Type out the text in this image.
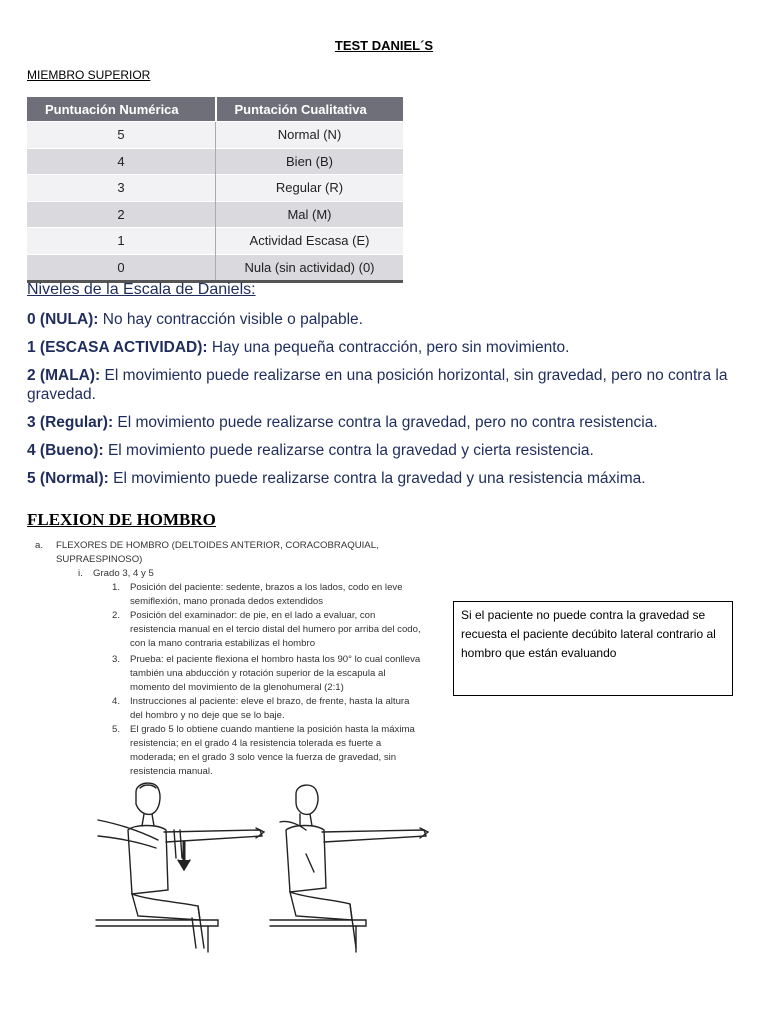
TEST DANIEL´S
MIEMBRO SUPERIOR
Puntuación Numérica	Puntación Cualitativa
5	Normal (N)
4	Bien (B)
3	Regular (R)
2	Mal (M)
1	Actividad Escasa (E)
0	Nula (sin actividad) (0)
Niveles de la Escala de Daniels:
0 (NULA): No hay contracción visible o palpable.
1 (ESCASA ACTIVIDAD): Hay una pequeña contracción, pero sin movimiento.
2 (MALA): El movimiento puede realizarse en una posición horizontal, sin gravedad, pero no contra la gravedad.
3 (Regular): El movimiento puede realizarse contra la gravedad, pero no contra resistencia.
4 (Bueno): El movimiento puede realizarse contra la gravedad y cierta resistencia.
5 (Normal): El movimiento puede realizarse contra la gravedad y una resistencia máxima.
FLEXION DE HOMBRO
a. FLEXORES DE HOMBRO (DELTOIDES ANTERIOR, CORACOBRAQUIAL, SUPRAESPINOSO)
i. Grado 3, 4 y 5
1. Posición del paciente: sedente, brazos a los lados, codo en leve semiflexión, mano pronada dedos extendidos
2. Posición del examinador: de pie, en el lado a evaluar, con resistencia manual en el tercio distal del humero por arriba del codo, con la mano contraria estabilizas el hombro
3. Prueba: el paciente flexiona el hombro hasta los 90° lo cual conlleva también una abducción y rotación superior de la escapula al momento del movimiento de la glenohumeral (2:1)
4. Instrucciones al paciente: eleve el brazo, de frente, hasta la altura del hombro y no deje que se lo baje.
5. El grado 5 lo obtiene cuando mantiene la posición hasta la máxima resistencia; en el grado 4 la resistencia tolerada es fuerte a moderada; en el grado 3 solo vence la fuerza de gravedad, sin resistencia manual.
Si el paciente no puede contra la gravedad se recuesta el paciente decúbito lateral contrario al hombro que están evaluando
